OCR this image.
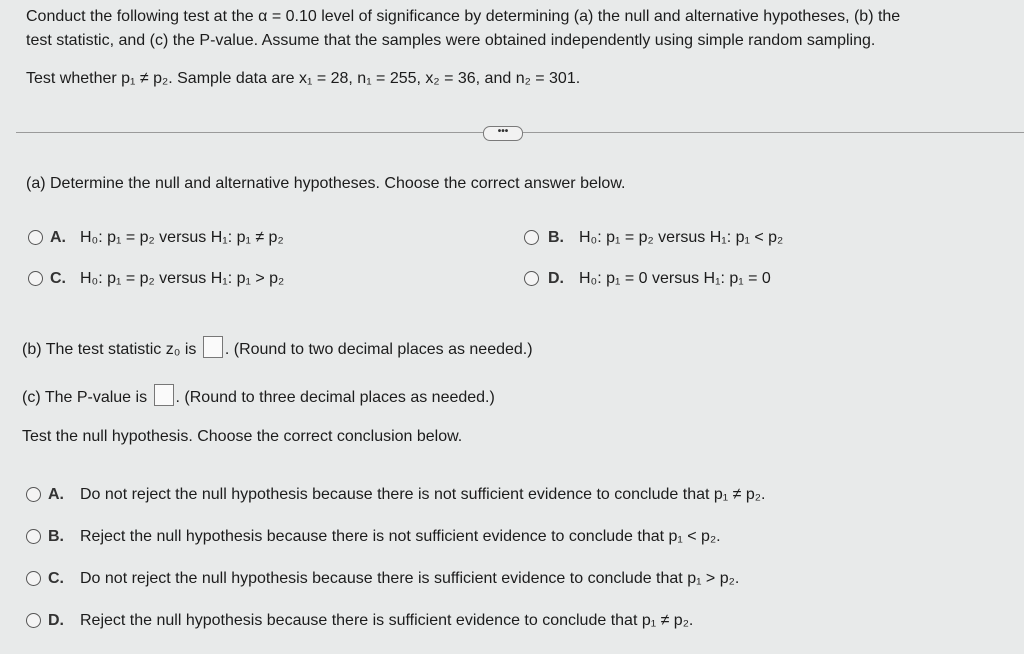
Conduct the following test at the α = 0.10 level of significance by determining (a) the null and alternative hypotheses, (b) the
test statistic, and (c) the P-value. Assume that the samples were obtained independently using simple random sampling.
Test whether p₁ ≠ p₂. Sample data are x₁ = 28, n₁ = 255, x₂ = 36, and n₂ = 301.
•••
(a) Determine the null and alternative hypotheses. Choose the correct answer below.
A. H₀: p₁ = p₂ versus H₁: p₁ ≠ p₂	B. H₀: p₁ = p₂ versus H₁: p₁ < p₂
C. H₀: p₁ = p₂ versus H₁: p₁ > p₂	D. H₀: p₁ = 0 versus H₁: p₁ = 0
(b) The test statistic z₀ is . (Round to two decimal places as needed.)
(c) The P-value is . (Round to three decimal places as needed.)
Test the null hypothesis. Choose the correct conclusion below.
A. Do not reject the null hypothesis because there is not sufficient evidence to conclude that p₁ ≠ p₂.
B. Reject the null hypothesis because there is not sufficient evidence to conclude that p₁ < p₂.
C. Do not reject the null hypothesis because there is sufficient evidence to conclude that p₁ > p₂.
D. Reject the null hypothesis because there is sufficient evidence to conclude that p₁ ≠ p₂.
